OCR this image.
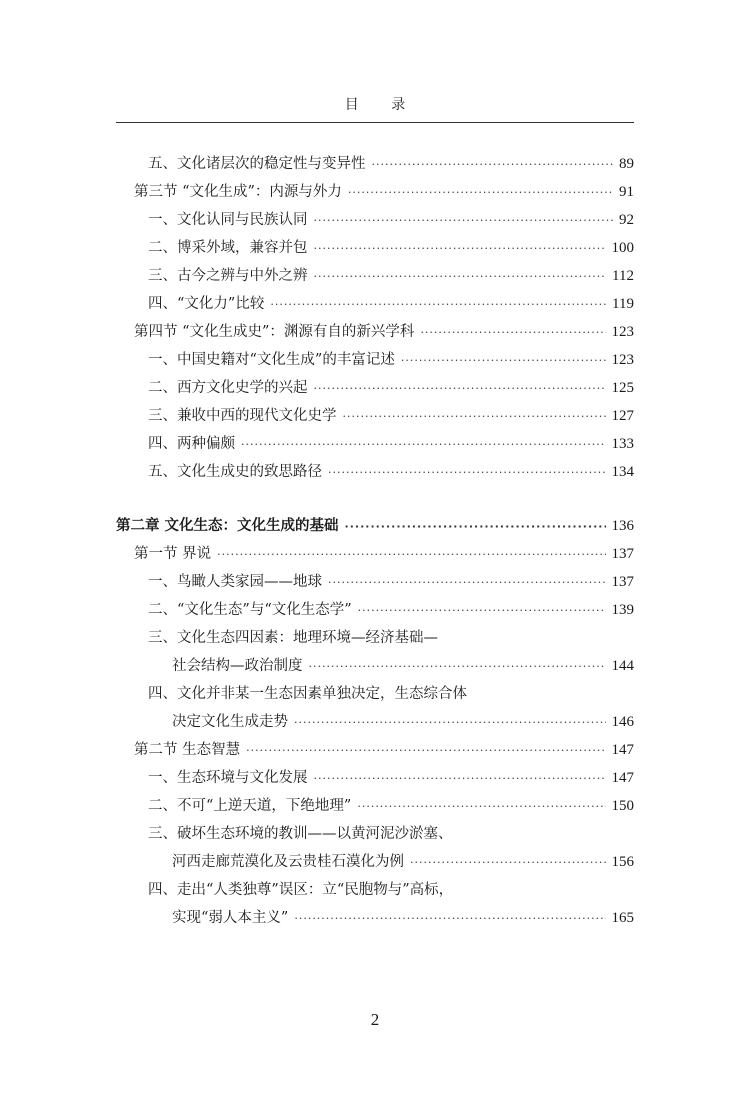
目 录
五、文化诸层次的稳定性与变异性 ·····	89
第三节 “文化生成”：内源与外力 ·····	91
一、文化认同与民族认同 ·····	92
二、博采外域，兼容并包 ·····	100
三、古今之辨与中外之辨 ·····	112
四、“文化力”比较 ·····	119
第四节 “文化生成史”：渊源有自的新兴学科 ·····	123
一、中国史籍对“文化生成”的丰富记述 ·····	123
二、西方文化史学的兴起 ·····	125
三、兼收中西的现代文化史学 ·····	127
四、两种偏颇 ·····	133
五、文化生成史的致思路径 ·····	134
第二章 文化生态：文化生成的基础 ·····	136
第一节 界说 ·····	137
一、鸟瞰人类家园——地球 ·····	137
二、“文化生态”与“文化生态学” ·····	139
三、文化生态四因素：地理环境—经济基础—
社会结构—政治制度 ·····	144
四、文化并非某一生态因素单独决定，生态综合体
决定文化生成走势 ·····	146
第二节 生态智慧 ·····	147
一、生态环境与文化发展 ·····	147
二、不可“上逆天道，下绝地理” ·····	150
三、破坏生态环境的教训——以黄河泥沙淤塞、
河西走廊荒漠化及云贵桂石漠化为例 ·····	156
四、走出“人类独尊”误区：立“民胞物与”高标，
实现“弱人本主义” ·····	165
2
